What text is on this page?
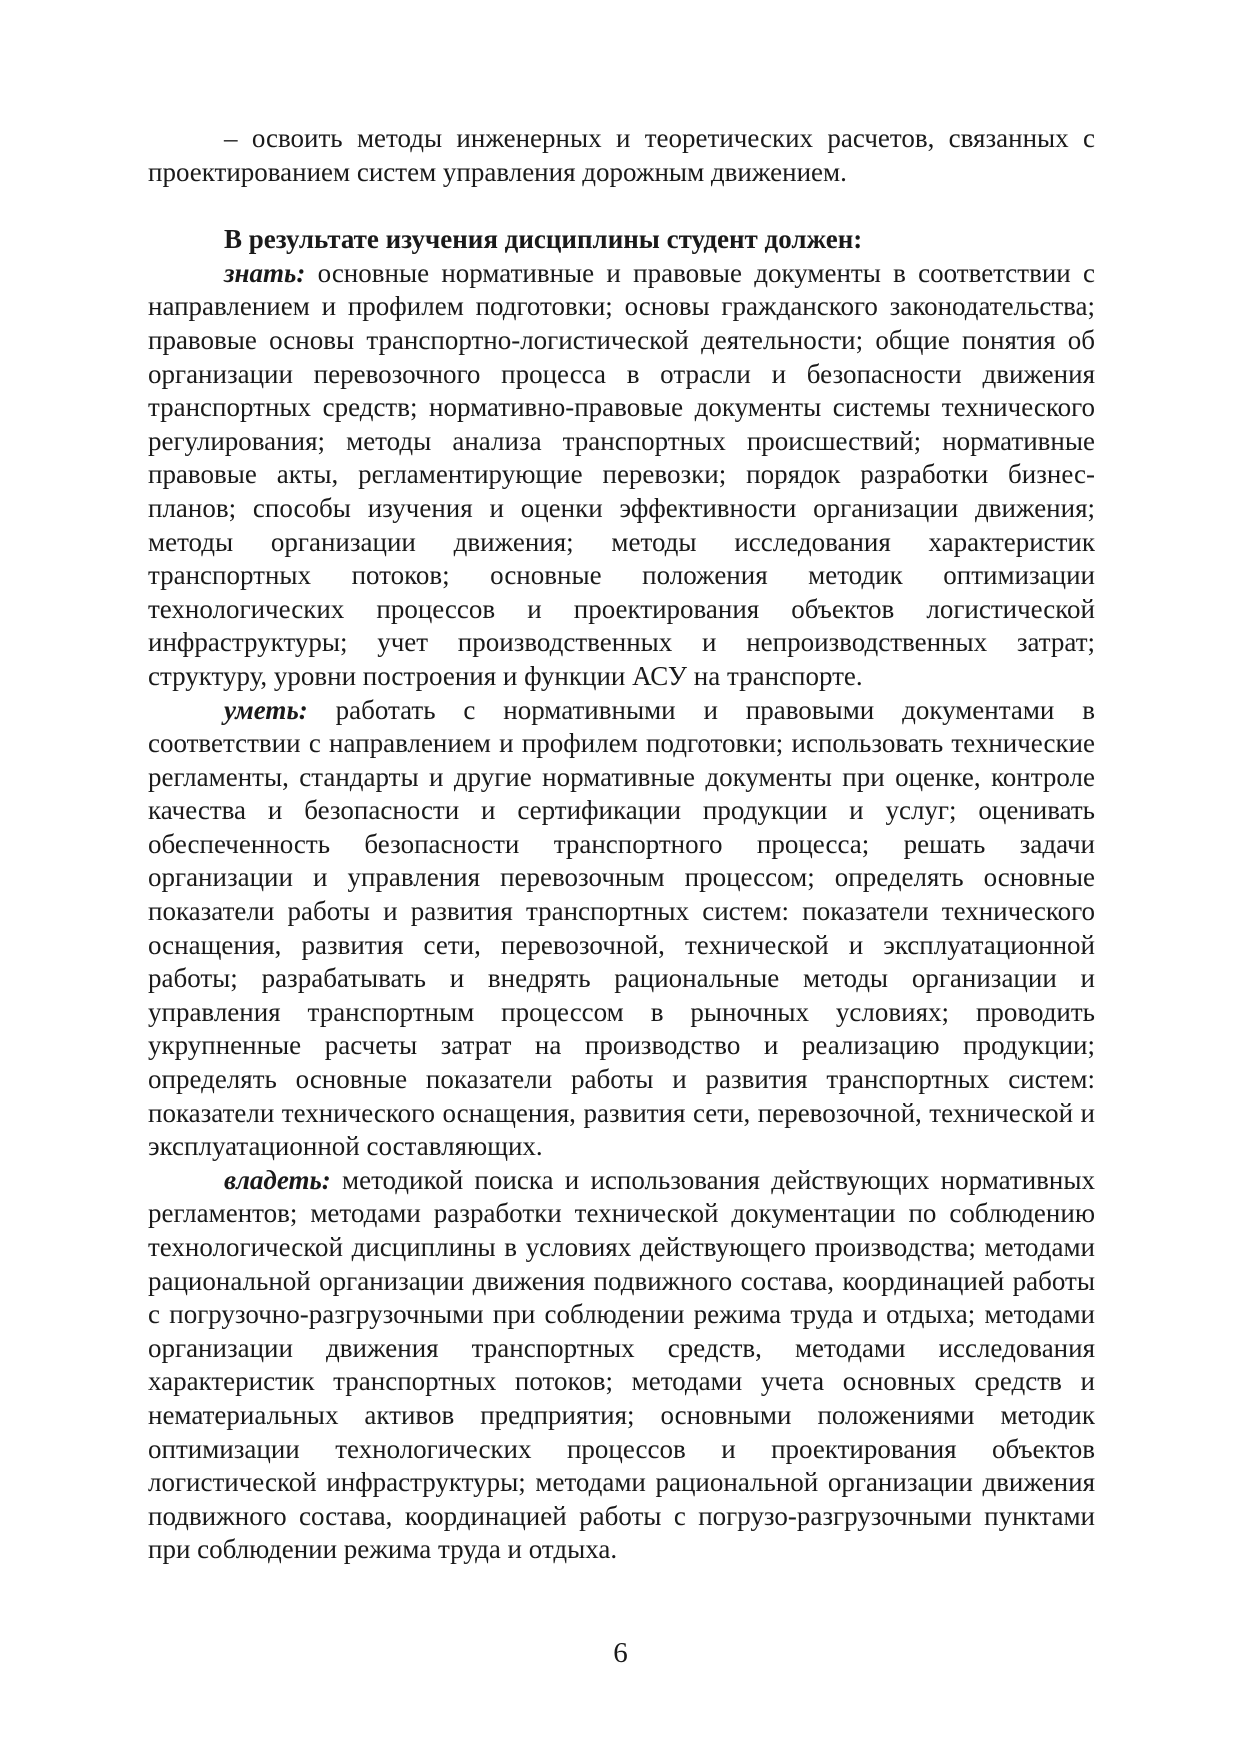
– освоить методы инженерных и теоретических расчетов, связанных с проектированием систем управления дорожным движением.

В результате изучения дисциплины студент должен:

знать: основные нормативные и правовые документы в соответствии с направлением и профилем подготовки; основы гражданского законодательства; правовые основы транспортно-логистической деятельности; общие понятия об организации перевозочного процесса в отрасли и безопасности движения транспортных средств; нормативно-правовые документы системы технического регулирования; методы анализа транспортных происшествий; нормативные правовые акты, регламентирующие перевозки; порядок разработки бизнес-планов; способы изучения и оценки эффективности организации движения; методы организации движения; методы исследования характеристик транспортных потоков; основные положения методик оптимизации технологических процессов и проектирования объектов логистической инфраструктуры; учет производственных и непроизводственных затрат; структуру, уровни построения и функции АСУ на транспорте.

уметь: работать с нормативными и правовыми документами в соответствии с направлением и профилем подготовки; использовать технические регламенты, стандарты и другие нормативные документы при оценке, контроле качества и безопасности и сертификации продукции и услуг; оценивать обеспеченность безопасности транспортного процесса; решать задачи организации и управления перевозочным процессом; определять основные показатели работы и развития транспортных систем: показатели технического оснащения, развития сети, перевозочной, технической и эксплуатационной работы; разрабатывать и внедрять рациональные методы организации и управления транспортным процессом в рыночных условиях; проводить укрупненные расчеты затрат на производство и реализацию продукции; определять основные показатели работы и развития транспортных систем: показатели технического оснащения, развития сети, перевозочной, технической и эксплуатационной составляющих.

владеть: методикой поиска и использования действующих нормативных регламентов; методами разработки технической документации по соблюдению технологической дисциплины в условиях действующего производства; методами рациональной организации движения подвижного состава, координацией работы с погрузочно-разгрузочными при соблюдении режима труда и отдыха; методами организации движения транспортных средств, методами исследования характеристик транспортных потоков; методами учета основных средств и нематериальных активов предприятия; основными положениями методик оптимизации технологических процессов и проектирования объектов логистической инфраструктуры; методами рациональной организации движения подвижного состава, координацией работы с погрузо-разгрузочными пунктами при соблюдении режима труда и отдыха.

6
